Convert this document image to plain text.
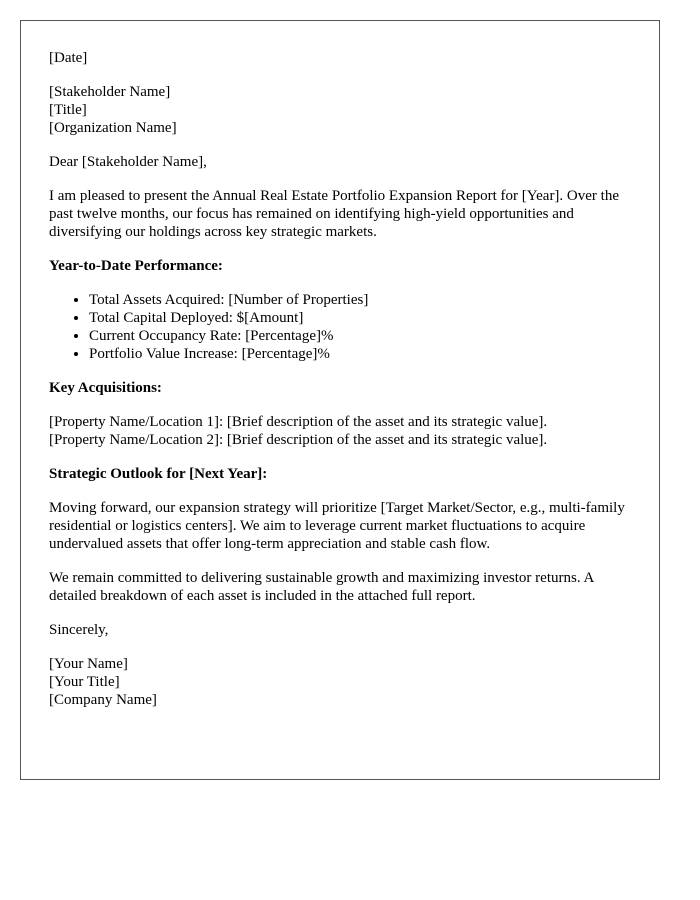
[Date]
[Stakeholder Name]
[Title]
[Organization Name]
Dear [Stakeholder Name],

I am pleased to present the Annual Real Estate Portfolio Expansion Report for [Year]. Over the past twelve months, our focus has remained on identifying high-yield opportunities and diversifying our holdings across key strategic markets.

Year-to-Date Performance:
• Total Assets Acquired: [Number of Properties]
• Total Capital Deployed: $[Amount]
• Current Occupancy Rate: [Percentage]%
• Portfolio Value Increase: [Percentage]%
Key Acquisitions:
[Property Name/Location 1]: [Brief description of the asset and its strategic value].
[Property Name/Location 2]: [Brief description of the asset and its strategic value].
Strategic Outlook for [Next Year]:

Moving forward, our expansion strategy will prioritize [Target Market/Sector, e.g., multi-family residential or logistics centers]. We aim to leverage current market fluctuations to acquire undervalued assets that offer long-term appreciation and stable cash flow.

We remain committed to delivering sustainable growth and maximizing investor returns. A detailed breakdown of each asset is included in the attached full report.

Sincerely,
[Your Name]
[Your Title]
[Company Name]
